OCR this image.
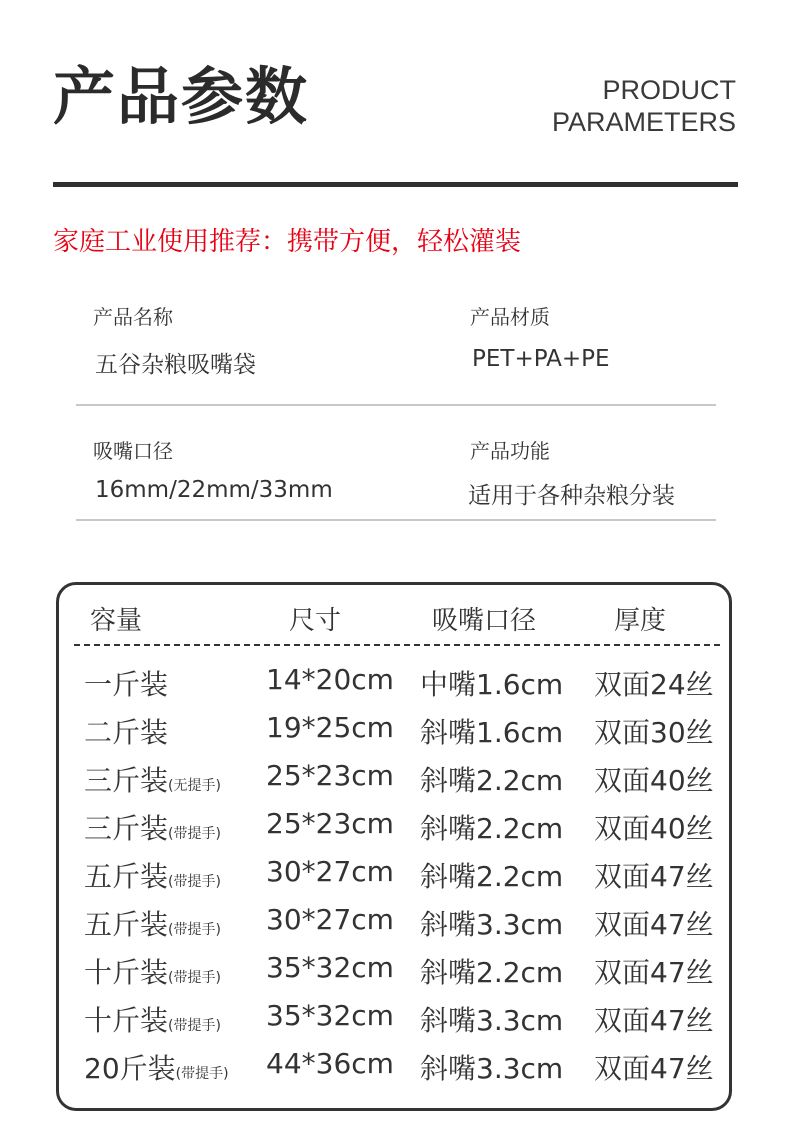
产品参数	PRODUCT
PARAMETERS
家庭工业使用推荐：携带方便，轻松灌装
产品名称
五谷杂粮吸嘴袋
产品材质
PET+PA+PE
吸嘴口径
16mm/22mm/33mm
产品功能
适用于各种杂粮分装
容量	尺寸	吸嘴口径	厚度
一斤装	14*20cm 中嘴1.6cm 双面24丝
二斤装	19*25cm 斜嘴1.6cm 双面30丝
三斤装(无提手) 25*23cm 斜嘴2.2cm 双面40丝
三斤装(带提手) 25*23cm 斜嘴2.2cm 双面40丝
五斤装(带提手) 30*27cm 斜嘴2.2cm 双面47丝
五斤装(带提手) 30*27cm 斜嘴3.3cm 双面47丝
十斤装(带提手) 35*32cm 斜嘴2.2cm 双面47丝
十斤装(带提手) 35*32cm 斜嘴3.3cm 双面47丝
20斤装(带提手) 44*36cm 斜嘴3.3cm 双面47丝
